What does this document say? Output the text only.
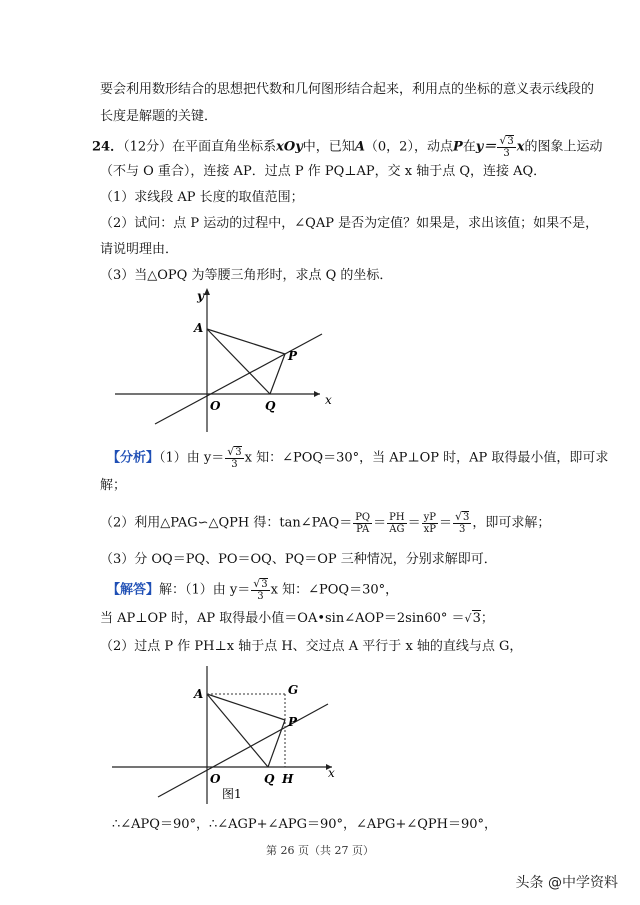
要会利用数形结合的思想把代数和几何图形结合起来，利用点的坐标的意义表示线段的
长度是解题的关键．
24．（12分）在平面直角坐标系xOy中，已知A（0，2），动点P在$y= \frac{√3}{3}$ x的图象上运动
（不与 O 重合），连接 AP．过点 P 作 PQ⊥AP，交 x 轴于点 Q，连接 AQ．
（1）求线段 AP 长度的取值范围；
（2）试问：点 P 运动的过程中，∠QAP 是否为定值？如果是，求出该值；如果不是，
请说明理由．
（3）当△OPQ 为等腰三角形时，求点 Q 的坐标．
y
A
P
O	Q	x
【分析】（1）由 $y= \frac{√3}{3}$ x 知：∠POQ＝30°，当 AP⊥OP 时，AP 取得最小值，即可求
解；
（2）利用△PAG∽△QPH 得：tan∠PAQ＝ $\frac{PQ}{PA} = \frac{PH}{AG} = \frac{yP}{xP} = \frac{√3}{3}$ ，即可求解；
（3）分 OQ＝PQ、PO＝OQ、PQ＝OP 三种情况，分别求解即可．
【解答】解：（1）由 $y= \frac{√3}{3}$ x 知：∠POQ＝30°，
当 AP⊥OP 时，AP 取得最小值＝OA•sin∠AOP＝2sin60° ＝√3；
（2）过点 P 作 PH⊥x 轴于点 H、交过点 A 平行于 x 轴的直线与点 G，
A	G
P
O	Q H	x
图1
∴∠APQ＝90°，∴∠AGP+∠APG＝90°，∠APG+∠QPH＝90°，
第 26 页（共 27 页）
头条 @中学资料
